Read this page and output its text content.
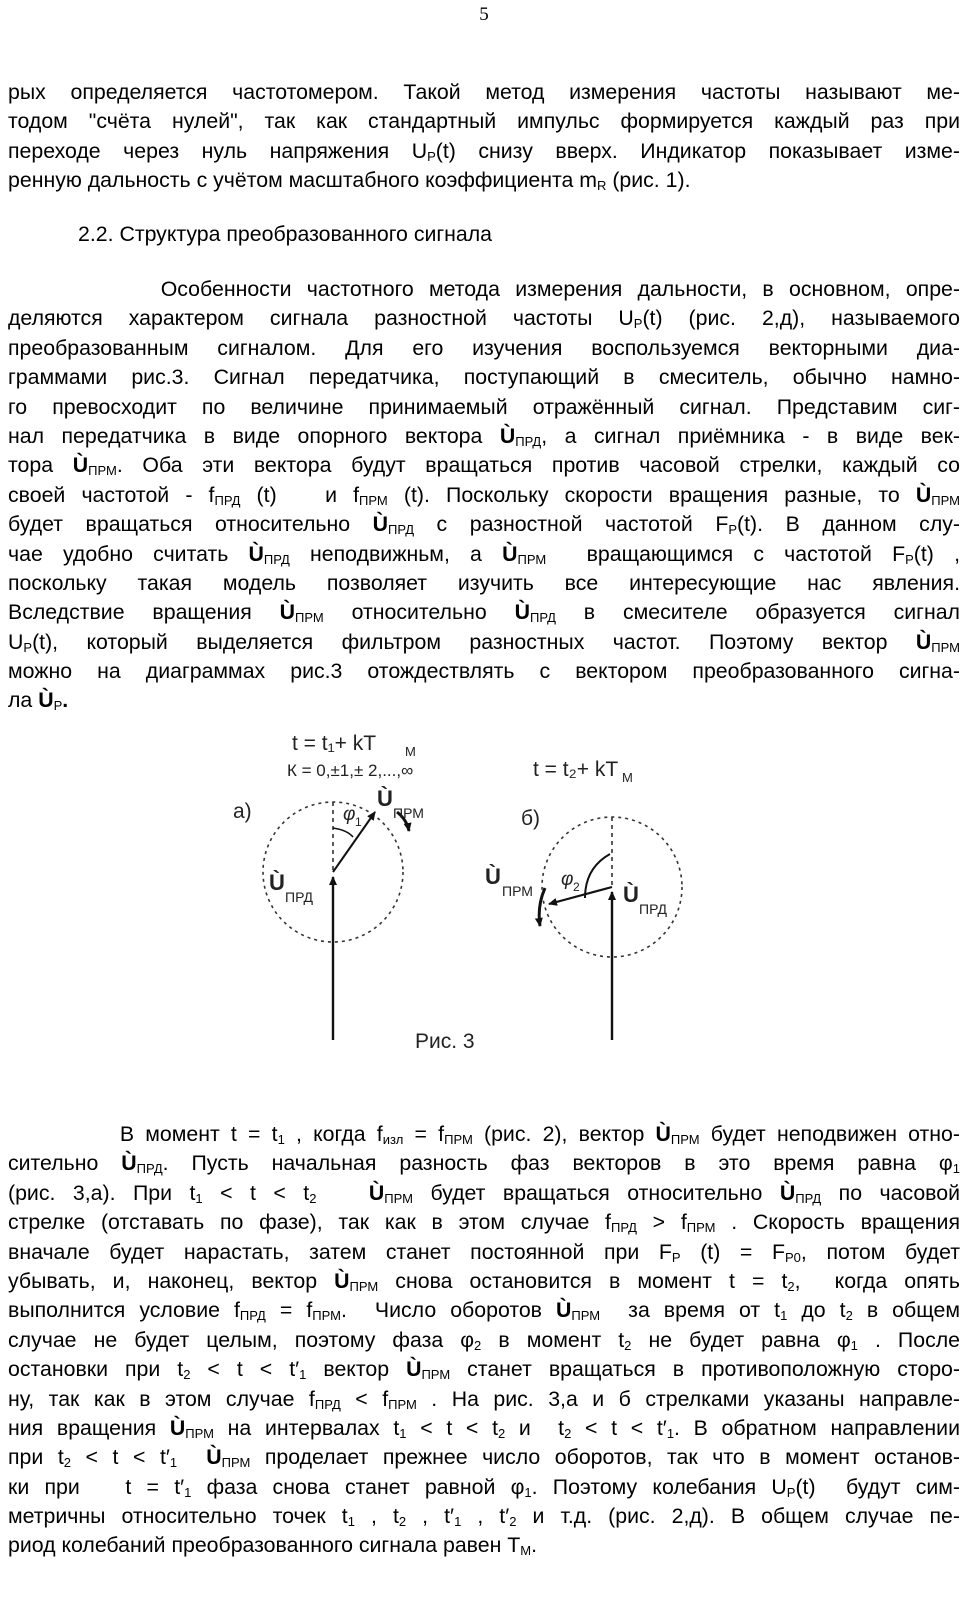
5
рых определяется частотомером. Такой метод измерения частоты называют ме-
тодом "счёта нулей", так как стандартный импульс формируется каждый раз при
переходе через нуль напряжения $U_P(t)$ снизу вверх. Индикатор показывает изме-
ренную дальность с учётом масштабного коэффициента $m_R$ (рис. 1).
2.2. Структура преобразованного сигнала
Особенности частотного метода измерения дальности, в основном, опре-
деляются характером сигнала разностной частоты $U_P(t)$ (рис. 2,д), называемого
преобразованным сигналом. Для его изучения воспользуемся векторными диа-
граммами рис.3. Сигнал передатчика, поступающий в смеситель, обычно намно-
го превосходит по величине принимаемый отражённый сигнал. Представим сиг-
нал передатчика в виде опорного вектора $Ù_{ПРД}$, а сигнал приёмника - в виде век-
тора $Ù_{ПРМ}$. Оба эти вектора будут вращаться против часовой стрелки, каждый со
своей частотой - $f_{ПРД}$ (t)   и $f_{ПРМ}$ (t). Поскольку скорости вращения разные, то $Ù_{ПРМ}$
будет вращаться относительно $Ù_{ПРД}$ с разностной частотой $F_P(t)$. В данном слу-
чае удобно считать $Ù_{ПРД}$ неподвижньм, а $Ù_{ПРМ}$  вращающимся с частотой $F_P(t)$ ,
поскольку такая модель позволяет изучить все интересующие нас явления.
Вследствие вращения $Ù_{ПРМ}$ относительно $Ù_{ПРД}$ в смесителе образуется сигнал
$U_P(t)$, который выделяется фильтром разностных частот. Поэтому вектор $Ù_{ПРМ}$
можно на диаграммах рис.3 отождествлять с вектором преобразованного сигна-
ла $Ù_P$.
t = t₁+ kT М
К = 0,±1,± 2,...,∞	t = t₂+ kT М
а)	б)
φ 1
Ù
ПРМ
Ù
ПРД
φ 2
Ù
ПРМ	Ù
ПРД
Рис. 3
В момент $t = t_1$ , когда $f_{изл} = f_{ПРМ}$ (рис. 2), вектор $Ù_{ПРМ}$ будет неподвижен отно-
сительно $Ù_{ПРД}$. Пусть начальная разность фаз векторов в это время равна $\varphi_1$
(рис. 3,а). При $t_1 < t < t_2$ $Ù_{ПРМ}$ будет вращаться относительно $Ù_{ПРД}$ по часовой
стрелке (отставать по фазе), так как в этом случае $f_{ПРД} > f_{ПРМ}$ . Скорость вращения
вначале будет нарастать, затем станет постоянной при $F_P$ $(t) = F_{P0}$, потом будет
убывать, и, наконец, вектор $Ù_{ПРМ}$ снова остановится в момент $t = t_2$,  когда опять
выполнится условие $f_{ПРД} = f_{ПРМ}$.  Число оборотов $Ù_{ПРМ}$  за время от $t_1$ до $t_2$ в общем
случае не будет целым, поэтому фаза $\varphi_2$ в момент $t_2$ не будет равна $\varphi_1$ . После
остановки при $t_2 < t < t'_1$ вектор $Ù_{ПРМ}$ станет вращаться в противоположную сторо-
ну, так как в этом случае $f_{ПРД} < f_{ПРМ}$ . На рис. 3,а и б стрелками указаны направле-
ния вращения $Ù_{ПРМ}$ на интервалах $t_1 < t < t_2$ и  $t_2 < t < t'_1$. В обратном направлении
при $t_2 < t < t'_1$ $Ù_{ПРМ}$ проделает прежнее число оборотов, так что в момент останов-
ки при   $t = t'_1$ фаза снова станет равной $\varphi_1$. Поэтому колебания $U_P(t)$  будут сим-
метричны относительно точек $t_1$ , $t_2$ , $t'_1$ , $t'_2$ и т.д. (рис. 2,д). В общем случае пе-
риод колебаний преобразованного сигнала равен $T_M$.
